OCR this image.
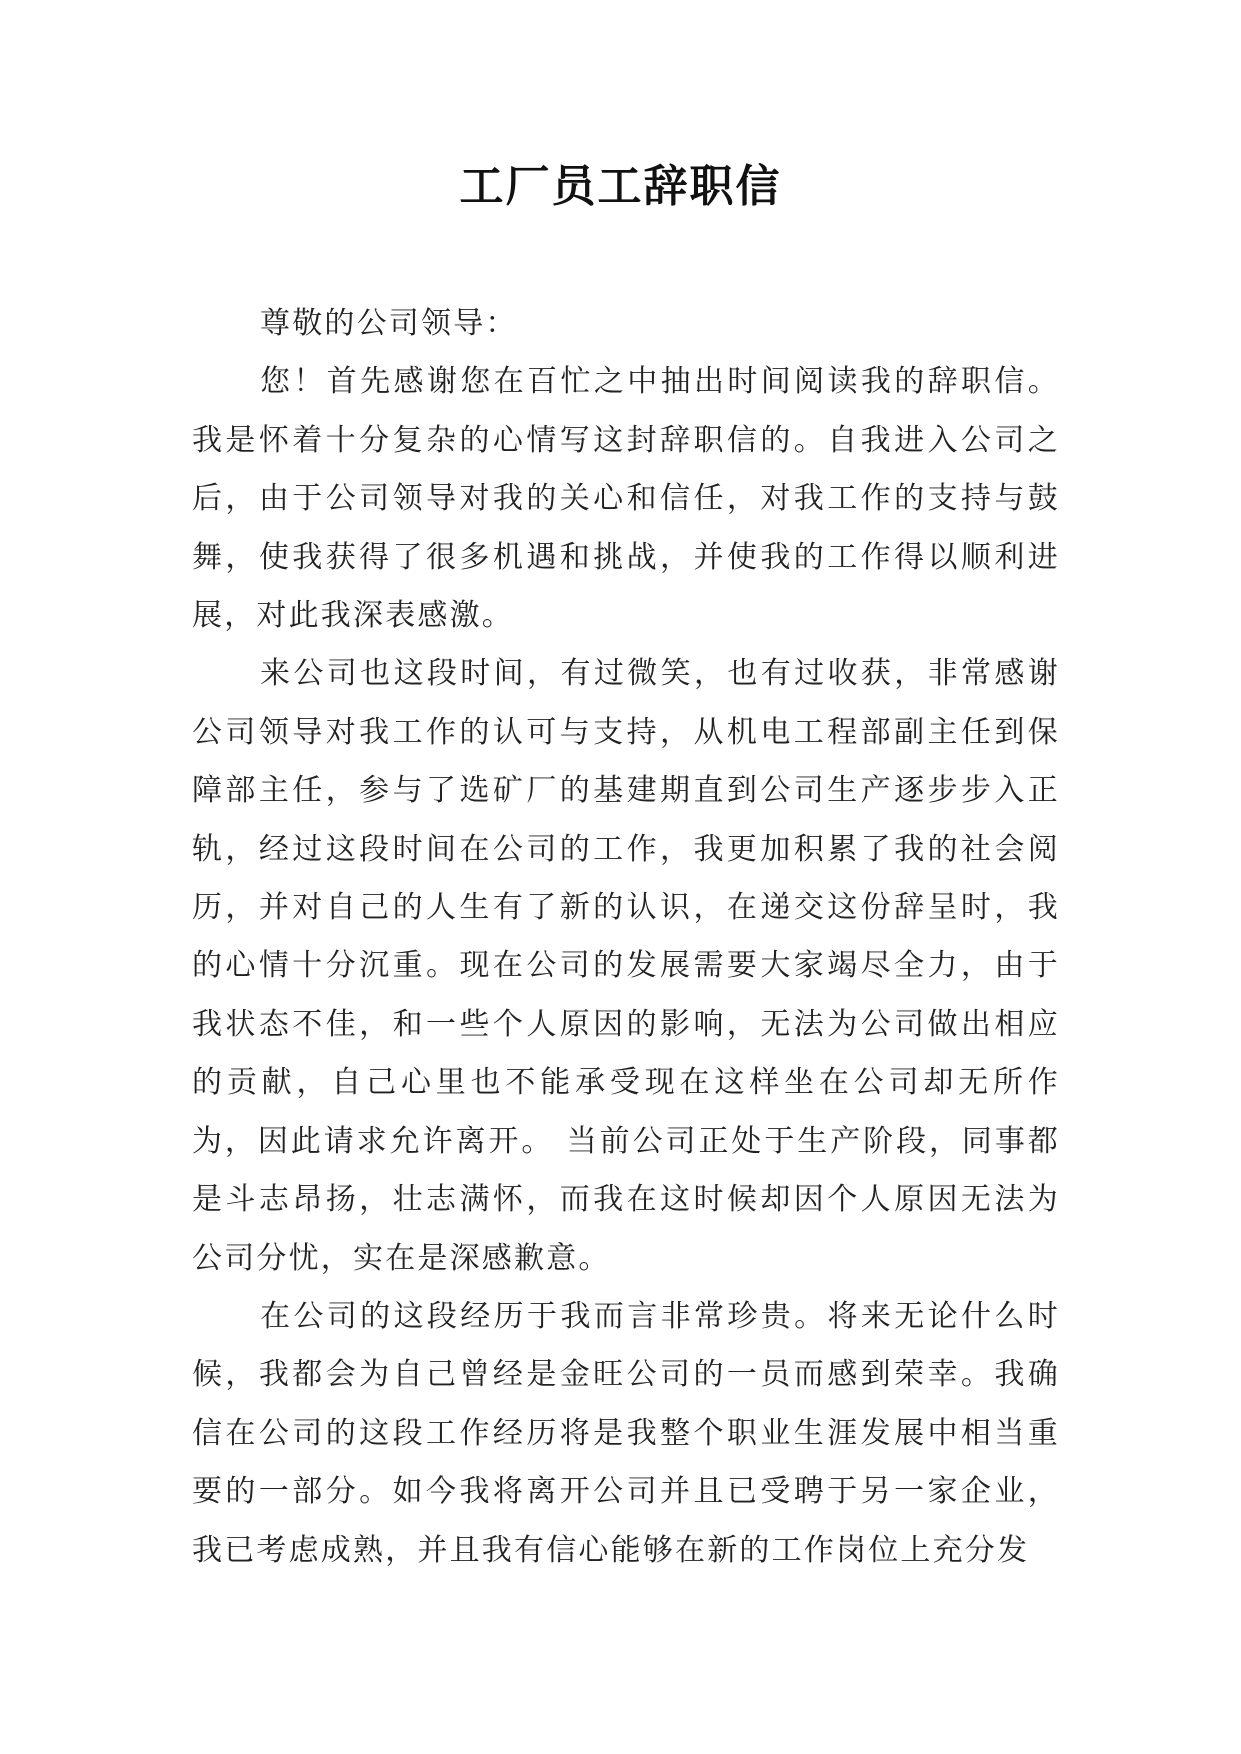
工厂员工辞职信

尊敬的公司领导：

您！首先感谢您在百忙之中抽出时间阅读我的辞职信。我是怀着十分复杂的心情写这封辞职信的。自我进入公司之后，由于公司领导对我的关心和信任，对我工作的支持与鼓舞，使我获得了很多机遇和挑战，并使我的工作得以顺利进展，对此我深表感激。

来公司也这段时间，有过微笑，也有过收获，非常感谢公司领导对我工作的认可与支持，从机电工程部副主任到保障部主任，参与了选矿厂的基建期直到公司生产逐步步入正轨，经过这段时间在公司的工作，我更加积累了我的社会阅历，并对自己的人生有了新的认识，在递交这份辞呈时，我的心情十分沉重。现在公司的发展需要大家竭尽全力，由于我状态不佳，和一些个人原因的影响，无法为公司做出相应的贡献，自己心里也不能承受现在这样坐在公司却无所作为，因此请求允许离开。 当前公司正处于生产阶段，同事都是斗志昂扬，壮志满怀，而我在这时候却因个人原因无法为公司分忧，实在是深感歉意。

在公司的这段经历于我而言非常珍贵。将来无论什么时候，我都会为自己曾经是金旺公司的一员而感到荣幸。我确信在公司的这段工作经历将是我整个职业生涯发展中相当重要的一部分。如今我将离开公司并且已受聘于另一家企业，我已考虑成熟，并且我有信心能够在新的工作岗位上充分发
